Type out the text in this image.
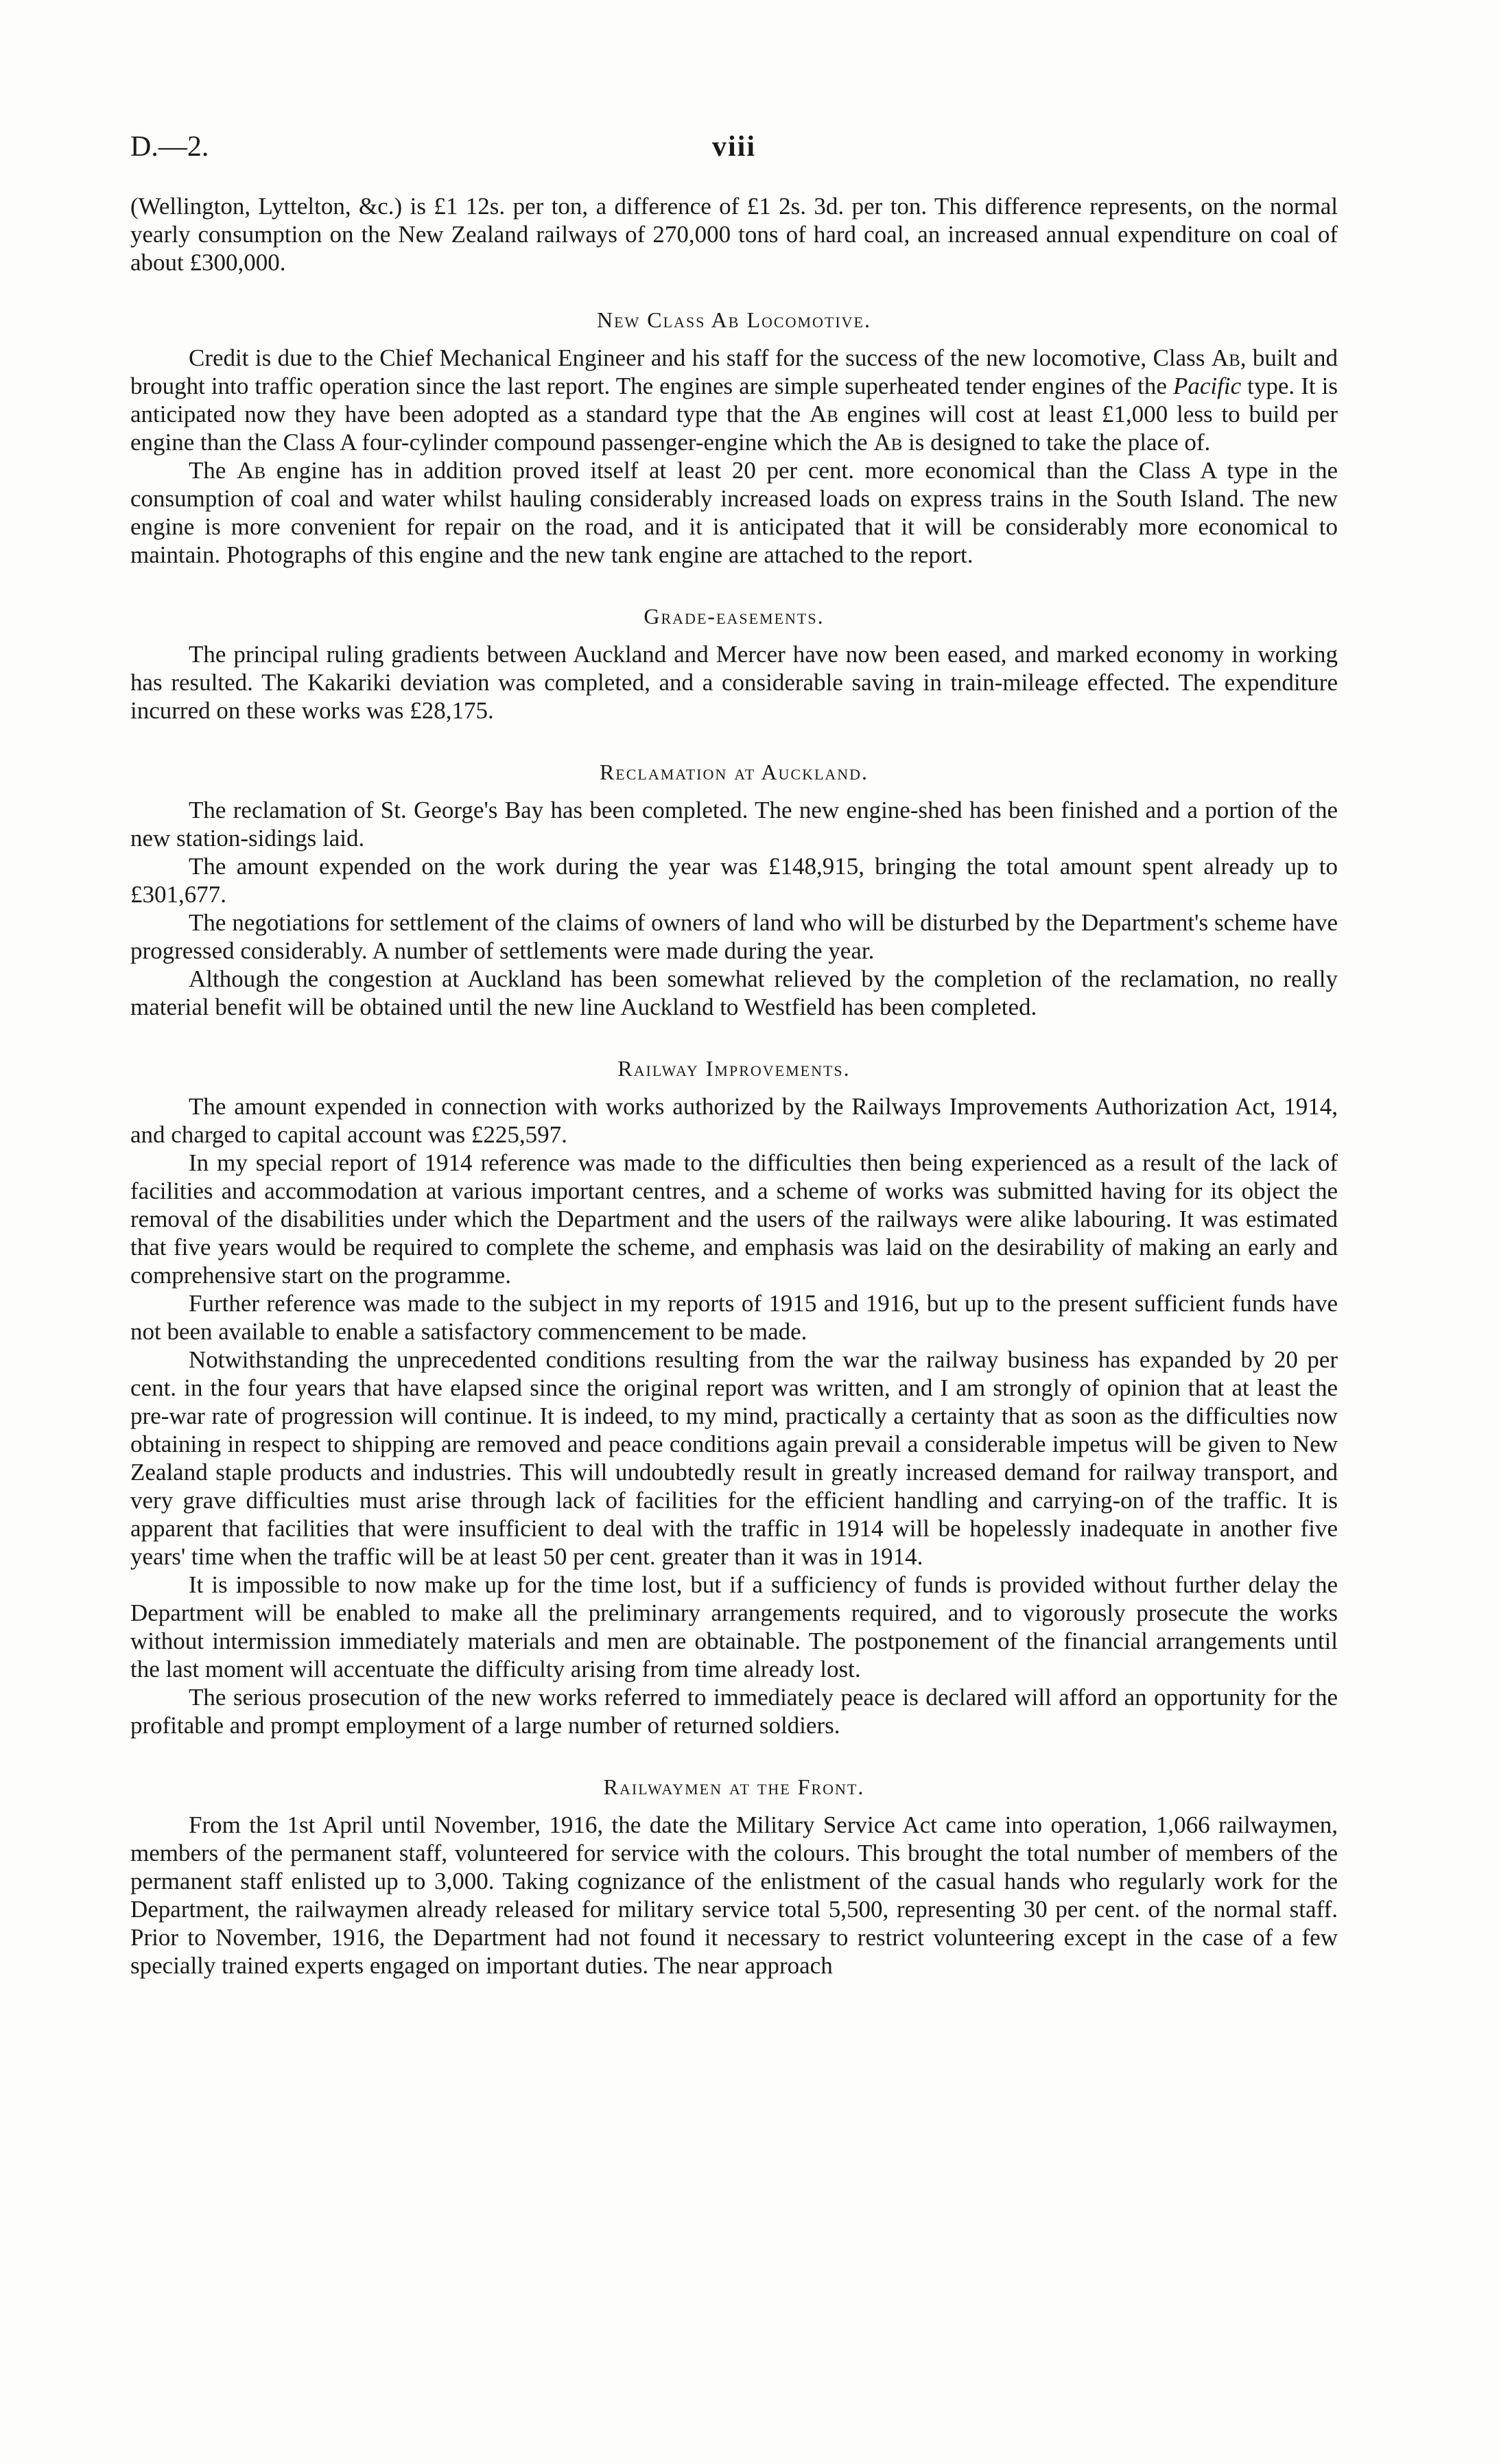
D.—2.	viii

(Wellington, Lyttelton, &c.) is £1 12s. per ton, a difference of £1 2s. 3d. per ton. This difference represents, on the normal yearly consumption on the New Zealand railways of 270,000 tons of hard coal, an increased annual expenditure on coal of about £300,000.

New Class Ab Locomotive.

Credit is due to the Chief Mechanical Engineer and his staff for the success of the new locomotive, Class Ab, built and brought into traffic operation since the last report. The engines are simple superheated tender engines of the Pacific type. It is anticipated now they have been adopted as a standard type that the Ab engines will cost at least £1,000 less to build per engine than the Class A four-cylinder compound passenger-engine which the Ab is designed to take the place of.

The Ab engine has in addition proved itself at least 20 per cent. more economical than the Class A type in the consumption of coal and water whilst hauling considerably increased loads on express trains in the South Island. The new engine is more convenient for repair on the road, and it is anticipated that it will be considerably more economical to maintain. Photographs of this engine and the new tank engine are attached to the report.

Grade-easements.

The principal ruling gradients between Auckland and Mercer have now been eased, and marked economy in working has resulted. The Kakariki deviation was completed, and a considerable saving in train-mileage effected. The expenditure incurred on these works was £28,175.

Reclamation at Auckland.

The reclamation of St. George's Bay has been completed. The new engine-shed has been finished and a portion of the new station-sidings laid.

The amount expended on the work during the year was £148,915, bringing the total amount spent already up to £301,677.

The negotiations for settlement of the claims of owners of land who will be disturbed by the Department's scheme have progressed considerably. A number of settlements were made during the year.

Although the congestion at Auckland has been somewhat relieved by the completion of the reclamation, no really material benefit will be obtained until the new line Auckland to Westfield has been completed.

Railway Improvements.

The amount expended in connection with works authorized by the Railways Improvements Authorization Act, 1914, and charged to capital account was £225,597.

In my special report of 1914 reference was made to the difficulties then being experienced as a result of the lack of facilities and accommodation at various important centres, and a scheme of works was submitted having for its object the removal of the disabilities under which the Department and the users of the railways were alike labouring. It was estimated that five years would be required to complete the scheme, and emphasis was laid on the desirability of making an early and comprehensive start on the programme.

Further reference was made to the subject in my reports of 1915 and 1916, but up to the present sufficient funds have not been available to enable a satisfactory commencement to be made.

Notwithstanding the unprecedented conditions resulting from the war the railway business has expanded by 20 per cent. in the four years that have elapsed since the original report was written, and I am strongly of opinion that at least the pre-war rate of progression will continue. It is indeed, to my mind, practically a certainty that as soon as the difficulties now obtaining in respect to shipping are removed and peace conditions again prevail a considerable impetus will be given to New Zealand staple products and industries. This will undoubtedly result in greatly increased demand for railway transport, and very grave difficulties must arise through lack of facilities for the efficient handling and carrying-on of the traffic. It is apparent that facilities that were insufficient to deal with the traffic in 1914 will be hopelessly inadequate in another five years' time when the traffic will be at least 50 per cent. greater than it was in 1914.

It is impossible to now make up for the time lost, but if a sufficiency of funds is provided without further delay the Department will be enabled to make all the preliminary arrangements required, and to vigorously prosecute the works without intermission immediately materials and men are obtainable. The postponement of the financial arrangements until the last moment will accentuate the difficulty arising from time already lost.

The serious prosecution of the new works referred to immediately peace is declared will afford an opportunity for the profitable and prompt employment of a large number of returned soldiers.

Railwaymen at the Front.

From the 1st April until November, 1916, the date the Military Service Act came into operation, 1,066 railwaymen, members of the permanent staff, volunteered for service with the colours. This brought the total number of members of the permanent staff enlisted up to 3,000. Taking cognizance of the enlistment of the casual hands who regularly work for the Department, the railwaymen already released for military service total 5,500, representing 30 per cent. of the normal staff. Prior to November, 1916, the Department had not found it necessary to restrict volunteering except in the case of a few specially trained experts engaged on important duties. The near approach
